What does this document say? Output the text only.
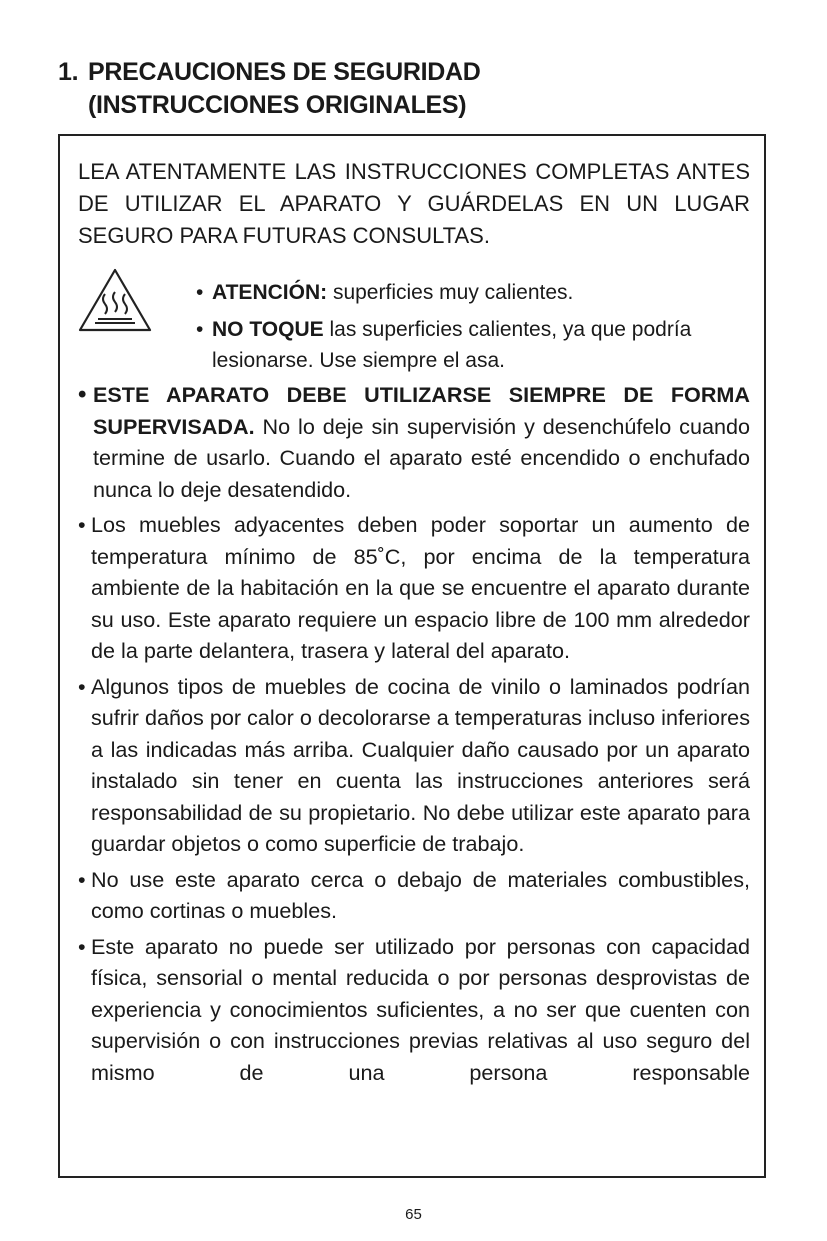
1. PRECAUCIONES DE SEGURIDAD
(INSTRUCCIONES ORIGINALES)
LEA ATENTAMENTE LAS INSTRUCCIONES COMPLETAS ANTES DE UTILIZAR EL APARATO Y GUÁRDELAS EN UN LUGAR SEGURO PARA FUTURAS CONSULTAS.
• ATENCIÓN: superficies muy calientes.
• NO TOQUE las superficies calientes, ya que podría lesionarse. Use siempre el asa.
• ESTE APARATO DEBE UTILIZARSE SIEMPRE DE FORMA SUPERVISADA. No lo deje sin supervisión y desenchúfelo cuando termine de usarlo. Cuando el aparato esté encendido o enchufado nunca lo deje desatendido.
• Los muebles adyacentes deben poder soportar un aumento de temperatura mínimo de 85˚C, por encima de la temperatura ambiente de la habitación en la que se encuentre el aparato durante su uso. Este aparato requiere un espacio libre de 100 mm alrededor de la parte delantera, trasera y lateral del aparato.
• Algunos tipos de muebles de cocina de vinilo o laminados podrían sufrir daños por calor o decolorarse a temperaturas incluso inferiores a las indicadas más arriba. Cualquier daño causado por un aparato instalado sin tener en cuenta las instrucciones anteriores será responsabilidad de su propietario. No debe utilizar este aparato para guardar objetos o como superficie de trabajo.
• No use este aparato cerca o debajo de materiales combustibles, como cortinas o muebles.
• Este aparato no puede ser utilizado por personas con capacidad física, sensorial o mental reducida o por personas desprovistas de experiencia y conocimientos suficientes, a no ser que cuenten con supervisión o con instrucciones previas relativas al uso seguro del mismo de una persona responsable
65
